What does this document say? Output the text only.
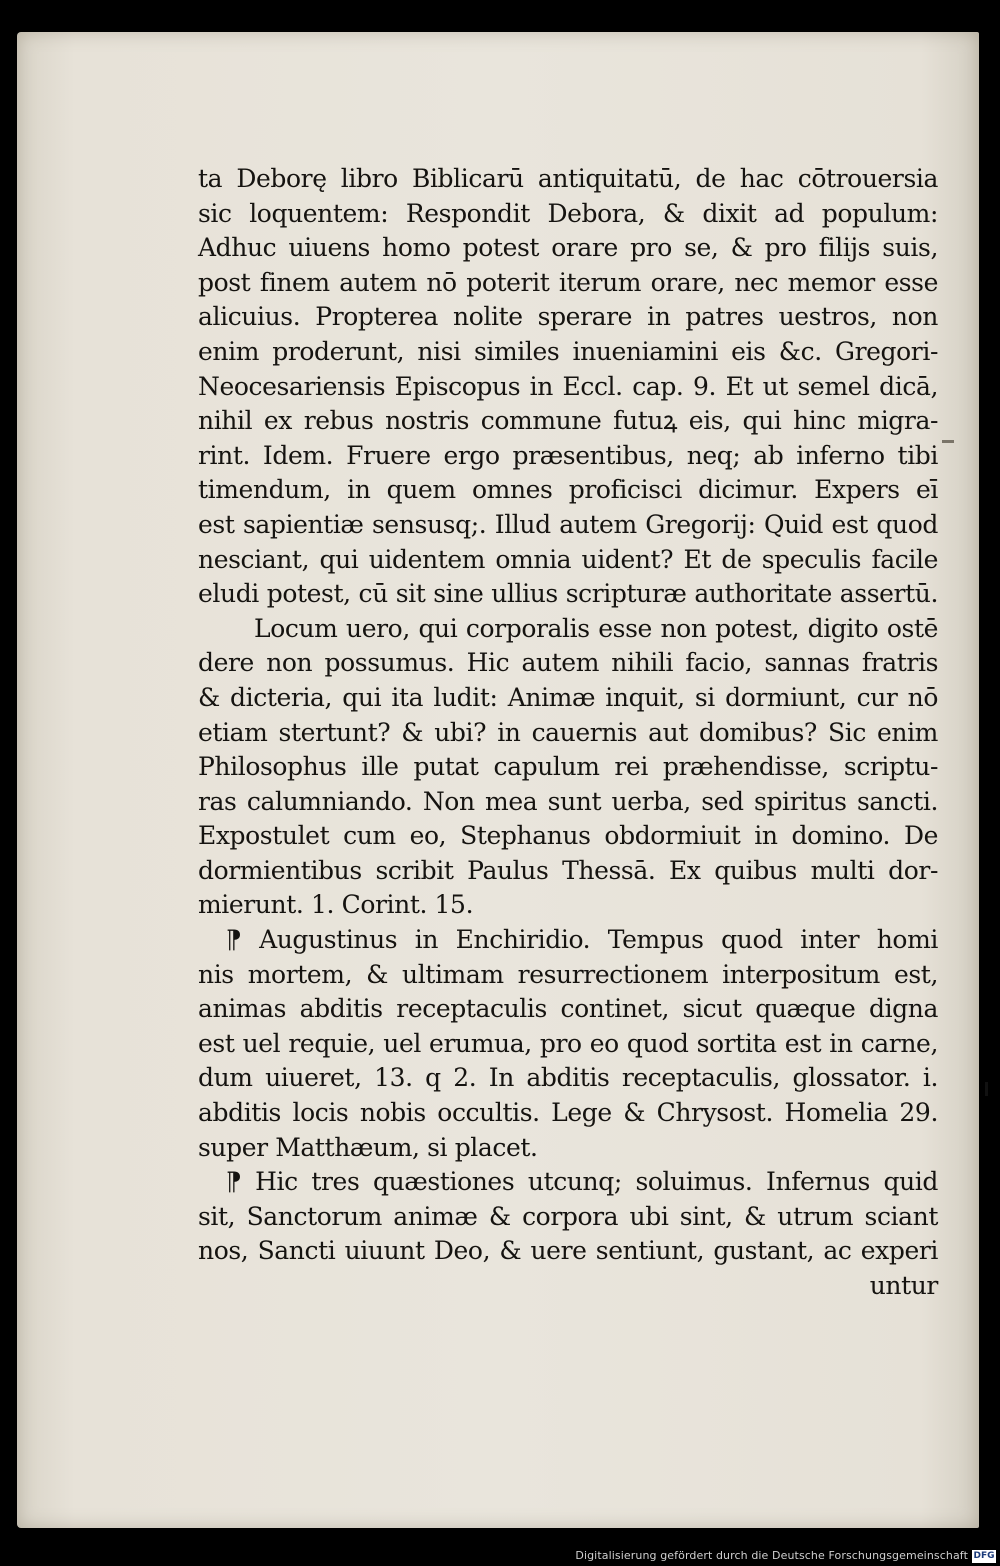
ta Deborę libro Biblicarū antiquitatū, de hac cōtrouersia
sic loquentem: Respondit Debora, & dixit ad populum:
Adhuc uiuens homo potest orare pro se, & pro filijs suis,
post finem autem nō poterit iterum orare, nec memor esse
alicuius. Propterea nolite sperare in patres uestros, non
enim proderunt, nisi similes inueniamini eis &c. Gregori-
Neocesariensis Episcopus in Eccl. cap. 9. Et ut semel dicā,
nihil ex rebus nostris commune futuꝝ eis, qui hinc migra-
rint. Idem. Fruere ergo præsentibus, neq; ab inferno tibi
timendum, in quem omnes proficisci dicimur. Expers eī
est sapientiæ sensusq;. Illud autem Gregorij: Quid est quod
nesciant, qui uidentem omnia uident? Et de speculis facile
eludi potest, cū sit sine ullius scripturæ authoritate assertū.
Locum uero, qui corporalis esse non potest, digito ostē
dere non possumus. Hic autem nihili facio, sannas fratris
& dicteria, qui ita ludit: Animæ inquit, si dormiunt, cur nō
etiam stertunt? & ubi? in cauernis aut domibus? Sic enim
Philosophus ille putat capulum rei præhendisse, scriptu-
ras calumniando. Non mea sunt uerba, sed spiritus sancti.
Expostulet cum eo, Stephanus obdormiuit in domino. De
dormientibus scribit Paulus Thessā. Ex quibus multi dor-
mierunt. 1. Corint. 15.
⁋ Augustinus in Enchiridio. Tempus quod inter homi
nis mortem, & ultimam resurrectionem interpositum est,
animas abditis receptaculis continet, sicut quæque digna
est uel requie, uel erumua, pro eo quod sortita est in carne,
dum uiueret, 13. q 2. In abditis receptaculis, glossator. i.
abditis locis nobis occultis. Lege & Chrysost. Homelia 29.
super Matthæum, si placet.
⁋ Hic tres quæstiones utcunq; soluimus. Infernus quid
sit, Sanctorum animæ & corpora ubi sint, & utrum sciant
nos, Sancti uiuunt Deo, & uere sentiunt, gustant, ac experi
untur
Digitalisierung gefördert durch die Deutsche Forschungsgemeinschaft DFG
